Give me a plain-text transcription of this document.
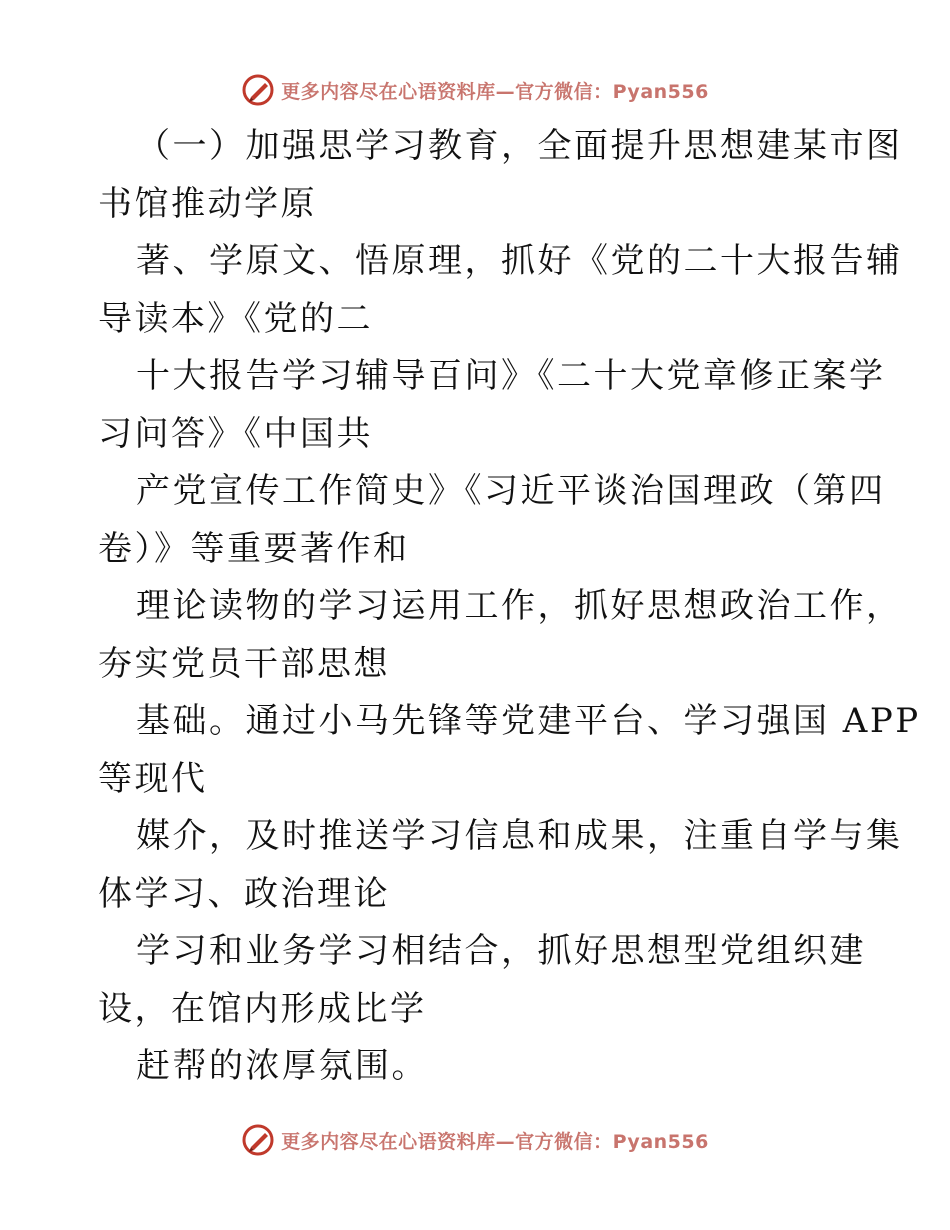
更多内容尽在心语资料库—官方微信：Pyan556
（一）加强思学习教育，全面提升思想建某市图
书馆推动学原
著、学原文、悟原理，抓好《党的二十大报告辅
导读本》《党的二
十大报告学习辅导百问》《二十大党章修正案学
习问答》《中国共
产党宣传工作简史》《习近平谈治国理政（第四
卷）》等重要著作和
理论读物的学习运用工作，抓好思想政治工作，
夯实党员干部思想
基础。通过小马先锋等党建平台、学习强国 APP
等现代
媒介，及时推送学习信息和成果，注重自学与集
体学习、政治理论
学习和业务学习相结合，抓好思想型党组织建
设，在馆内形成比学
赶帮的浓厚氛围。
更多内容尽在心语资料库—官方微信：Pyan556
